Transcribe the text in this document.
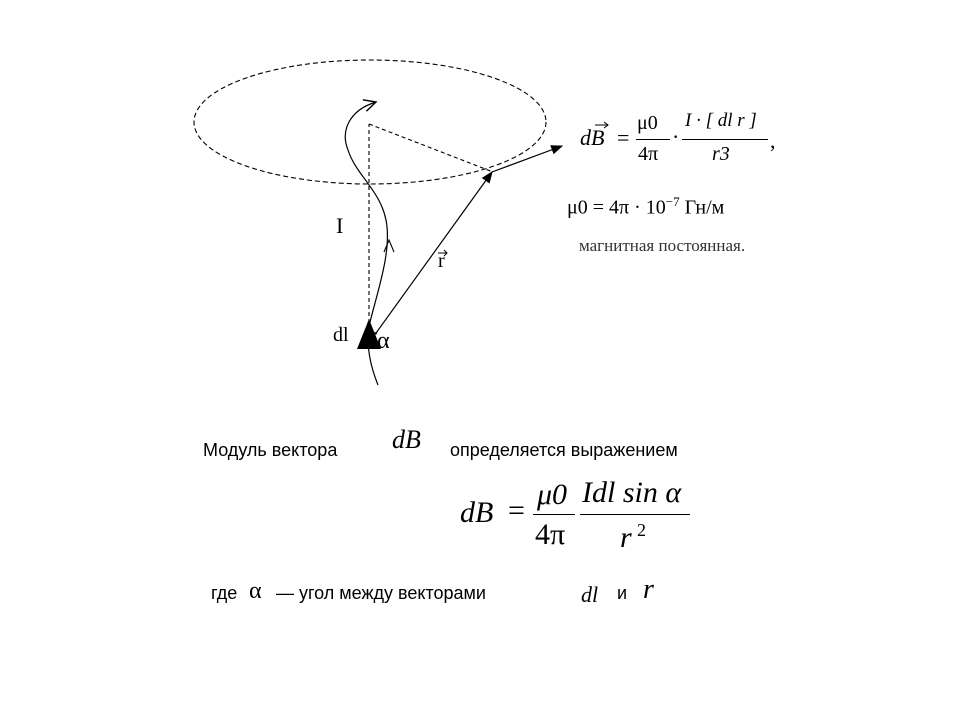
I
r
dl α
dB =
μ0
4π
·
I · [ dl r ]
r3
,
$\mu 0 = 4\pi \cdot 10^{-7}$ Гн/м
магнитная постоянная.
Модуль вектора dB определяется выражением
dB = μ0
4π
Idl sin α
r 2
где α — угол между векторами	dl и r
